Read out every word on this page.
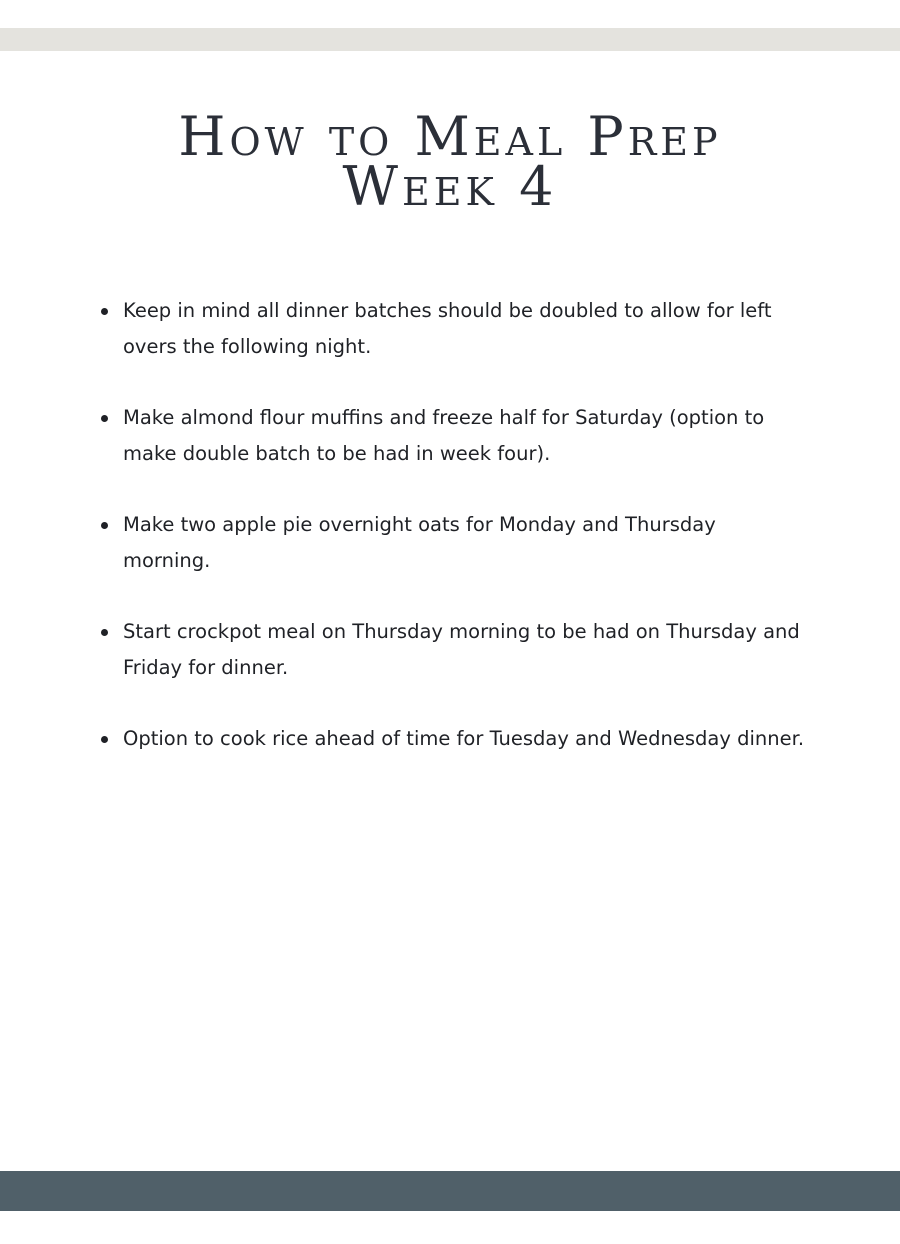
How to Meal Prep
Week 4
Keep in mind all dinner batches should be doubled to allow for left overs the following night.
Make almond flour muffins and freeze half for Saturday (option to make double batch to be had in week four).
Make two apple pie overnight oats for Monday and Thursday morning.
Start crockpot meal on Thursday morning to be had on Thursday and Friday for dinner.
Option to cook rice ahead of time for Tuesday and Wednesday dinner.
